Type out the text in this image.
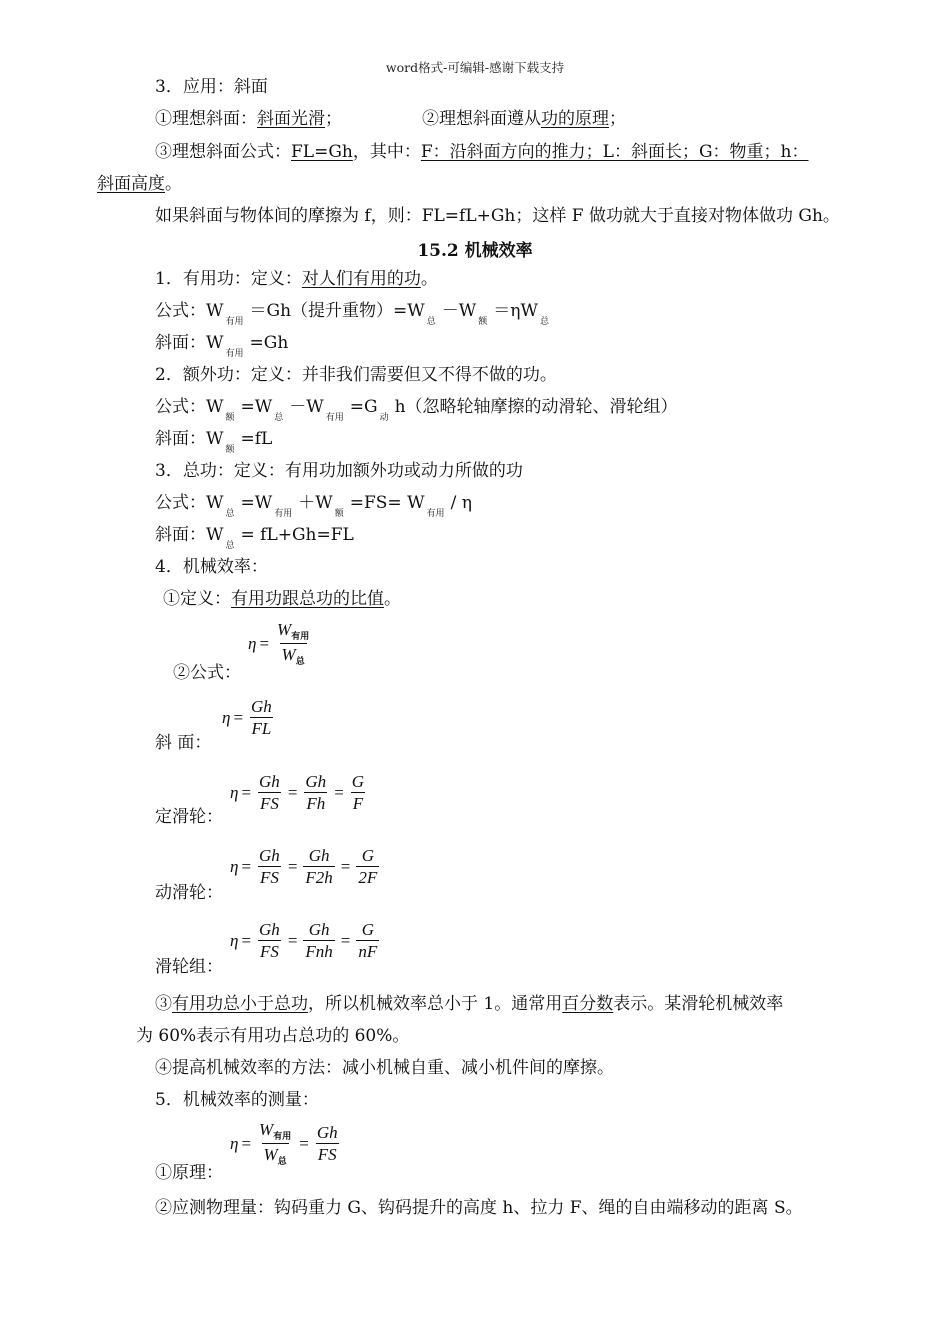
word格式-可编辑-感谢下载支持
3．应用：斜面
①理想斜面：斜面光滑；	②理想斜面遵从功的原理；
③理想斜面公式：FL=Gh，其中：F：沿斜面方向的推力；L：斜面长；G：物重；h：
斜面高度。
如果斜面与物体间的摩擦为 f，则：FL=fL+Gh；这样 F 做功就大于直接对物体做功 Gh。
15.2 机械效率
1．有用功：定义：对人们有用的功。
公式：$W_{有用}=Gh$（提升重物）$=W_总-W_额=\eta W_总$
斜面：$W_{有用}=Gh$
2．额外功：定义：并非我们需要但又不得不做的功。
公式：$W_额=W_总-W_{有用}=G_动h$（忽略轮轴摩擦的动滑轮、滑轮组）
斜面：$W_额=fL$
3．总功：定义：有用功加额外功或动力所做的功
公式：$W_总=W_{有用}+W_额=FS= W_{有用}/$ η
斜面：$W_总= fL+Gh=FL$
4．机械效率：
①定义：有用功跟总功的比值。
②公式：
$\eta = \frac{W_{有用}}{W_总}$
斜 面：
$\eta = \frac{Gh}{FL}$
定滑轮：
$\eta = \frac{Gh}{FS} = \frac{Gh}{Fh} = \frac{G}{F}$
动滑轮：
$\eta = \frac{Gh}{FS} = \frac{Gh}{F2h} = \frac{G}{2F}$
滑轮组：
$\eta = \frac{Gh}{FS} = \frac{Gh}{\text{Fnh}} = \frac{G}{nF}$
③有用功总小于总功，所以机械效率总小于 1。通常用百分数表示。某滑轮机械效率
为 60%表示有用功占总功的 60%。
④提高机械效率的方法：减小机械自重、减小机件间的摩擦。
5．机械效率的测量：
①原理：
$\eta = \frac{W_{有用}}{W_总} = \frac{Gh}{FS}$
②应测物理量：钩码重力 G、钩码提升的高度 h、拉力 F、绳的自由端移动的距离 S。
